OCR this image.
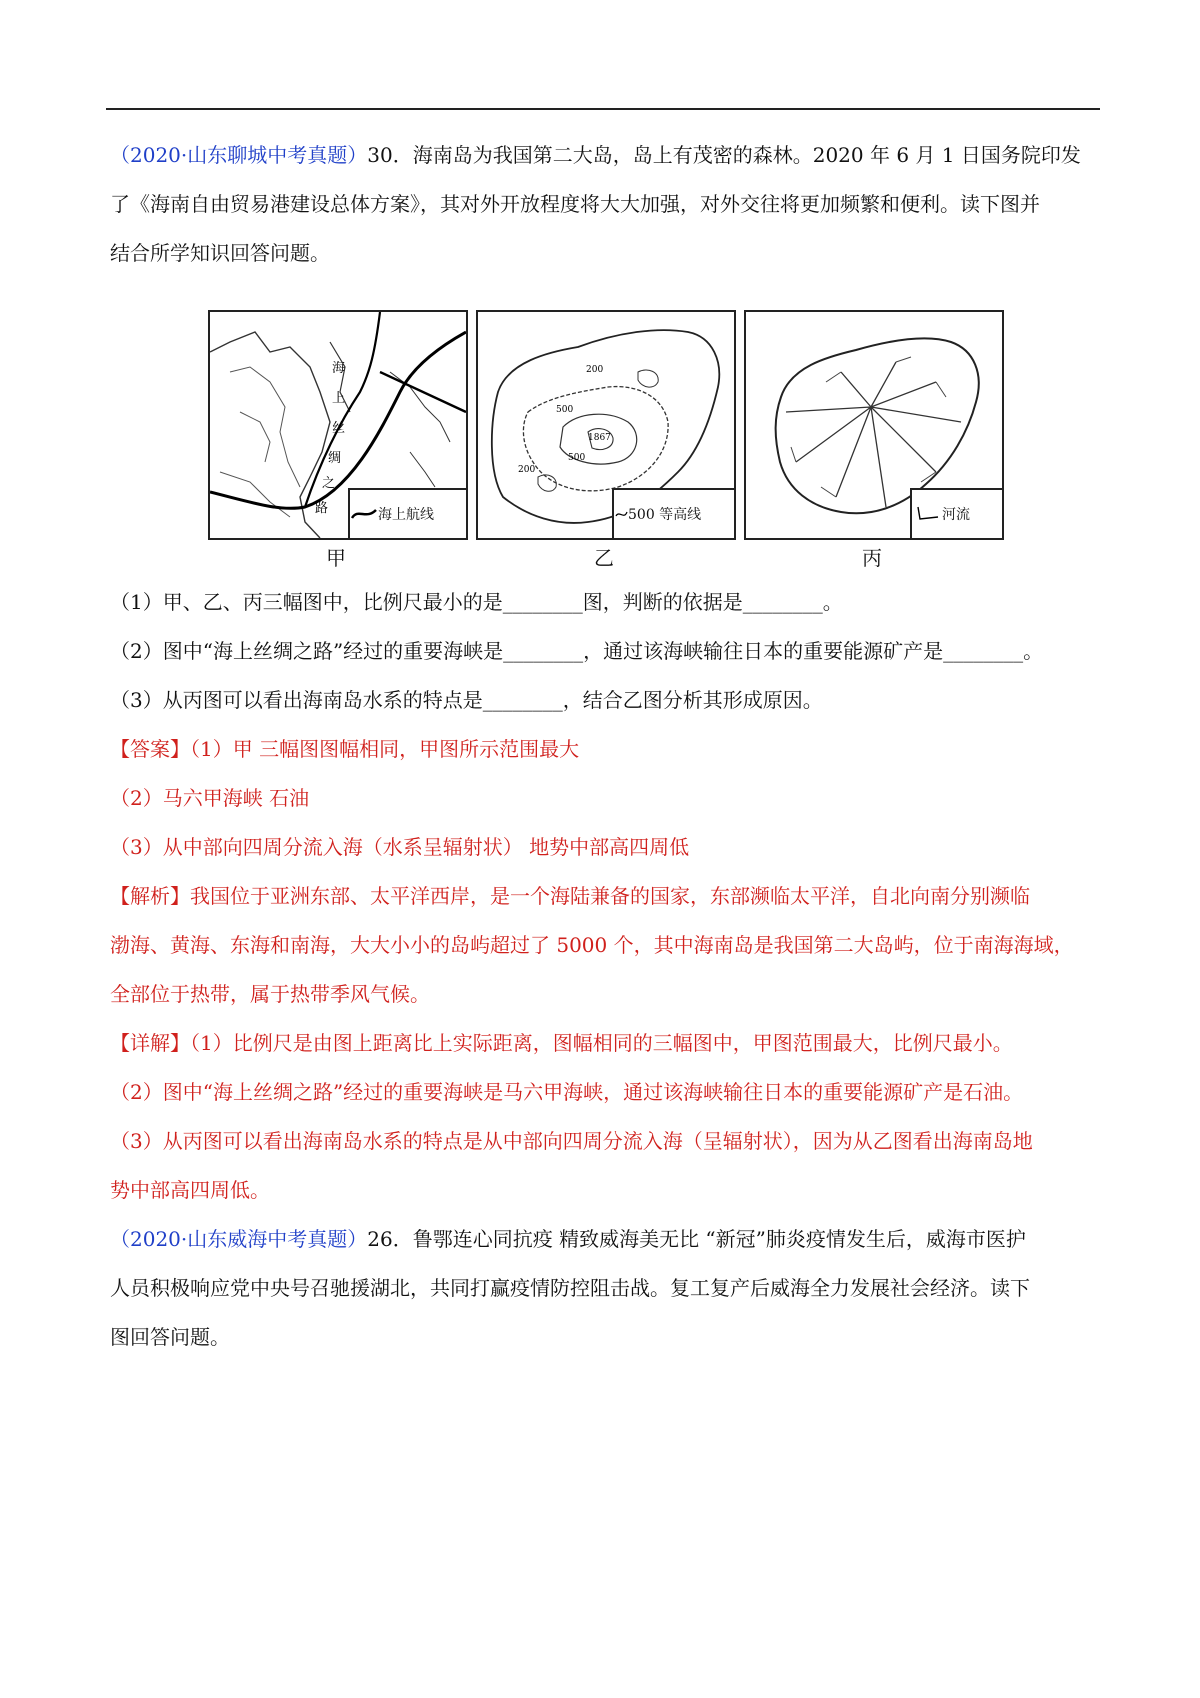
（2020·山东聊城中考真题）30．海南岛为我国第二大岛，岛上有茂密的森林。2020 年 6 月 1 日国务院印发
了《海南自由贸易港建设总体方案》，其对外开放程度将大大加强，对外交往将更加频繁和便利。读下图并
结合所学知识回答问题。
海
上
丝
绸
之
路	海上航线
甲
200
500
1867
500
200
500 等高线
乙
河流
丙
（1）甲、乙、丙三幅图中，比例尺最小的是________图，判断的依据是________。
（2）图中“海上丝绸之路”经过的重要海峡是________，通过该海峡输往日本的重要能源矿产是________。
（3）从丙图可以看出海南岛水系的特点是________，结合乙图分析其形成原因。
【答案】（1）甲 三幅图图幅相同，甲图所示范围最大
（2）马六甲海峡 石油
（3）从中部向四周分流入海（水系呈辐射状） 地势中部高四周低
【解析】我国位于亚洲东部、太平洋西岸，是一个海陆兼备的国家，东部濒临太平洋，自北向南分别濒临
渤海、黄海、东海和南海，大大小小的岛屿超过了 5000 个，其中海南岛是我国第二大岛屿，位于南海海域，
全部位于热带，属于热带季风气候。
【详解】（1）比例尺是由图上距离比上实际距离，图幅相同的三幅图中，甲图范围最大，比例尺最小。
（2）图中“海上丝绸之路”经过的重要海峡是马六甲海峡，通过该海峡输往日本的重要能源矿产是石油。
（3）从丙图可以看出海南岛水系的特点是从中部向四周分流入海（呈辐射状），因为从乙图看出海南岛地
势中部高四周低。
（2020·山东威海中考真题）26．鲁鄂连心同抗疫 精致威海美无比 “新冠”肺炎疫情发生后，威海市医护
人员积极响应党中央号召驰援湖北，共同打赢疫情防控阻击战。复工复产后威海全力发展社会经济。读下
图回答问题。
